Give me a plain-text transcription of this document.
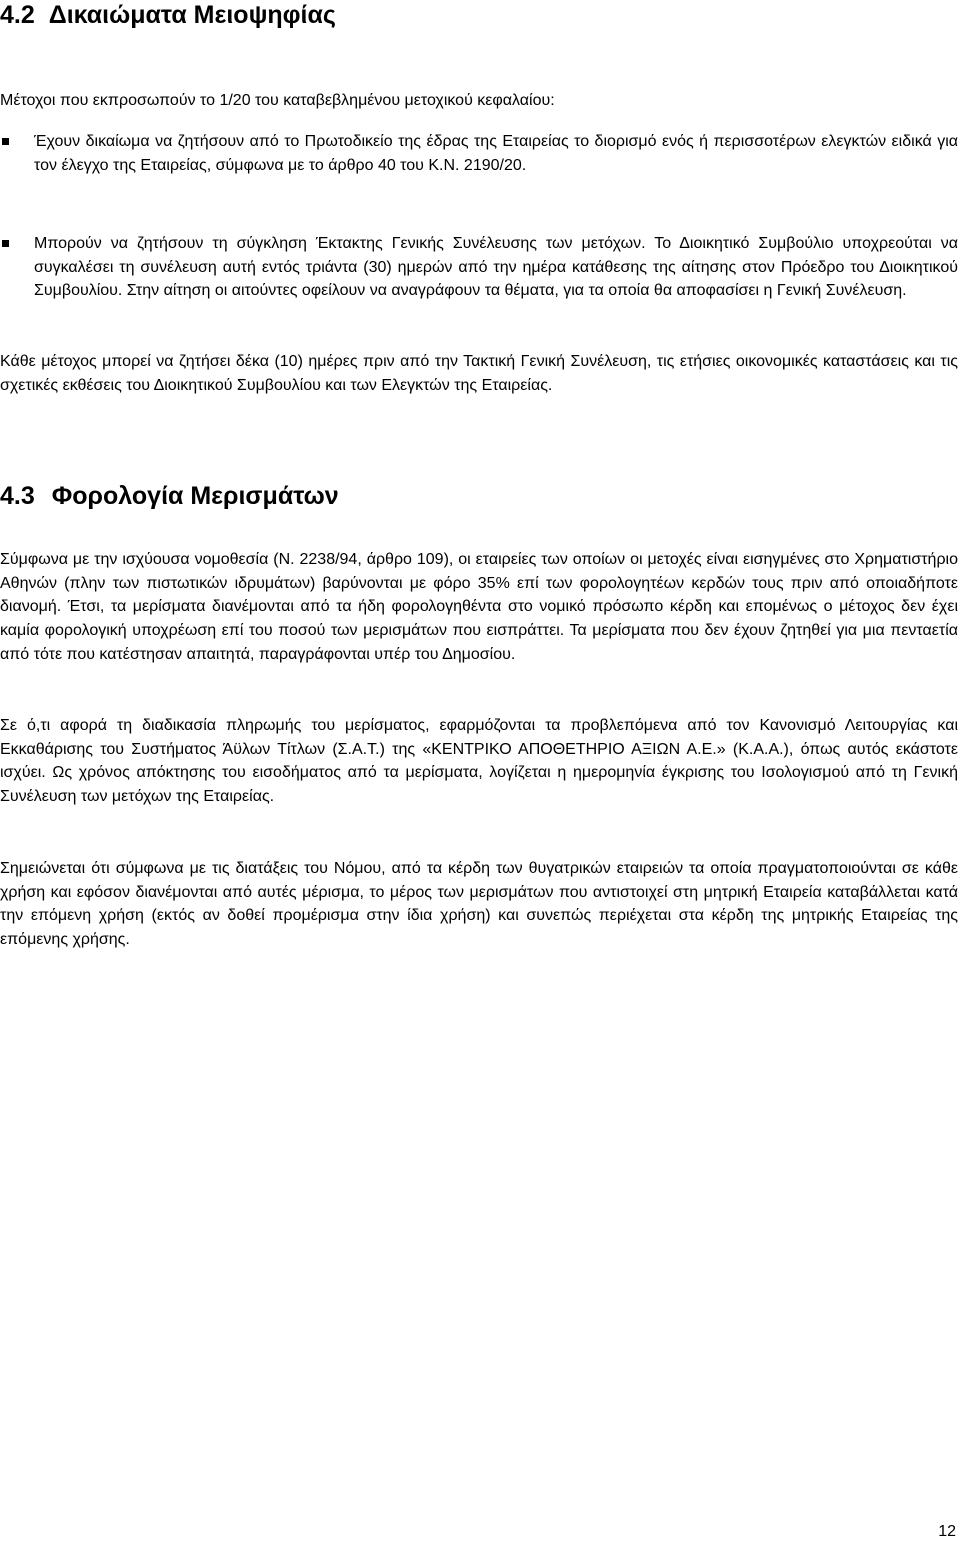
4.2 Δικαιώματα Μειοψηφίας

Μέτοχοι που εκπροσωπούν το 1/20 του καταβεβλημένου μετοχικού κεφαλαίου:

Έχουν δικαίωμα να ζητήσουν από το Πρωτοδικείο της έδρας της Εταιρείας το διορισμό ενός ή περισσοτέρων ελεγκτών ειδικά για τον έλεγχο της Εταιρείας, σύμφωνα με το άρθρο 40 του Κ.Ν. 2190/20.
Μπορούν να ζητήσουν τη σύγκληση Έκτακτης Γενικής Συνέλευσης των μετόχων. Το Διοικητικό Συμβούλιο υποχρεούται να συγκαλέσει τη συνέλευση αυτή εντός τριάντα (30) ημερών από την ημέρα κατάθεσης της αίτησης στον Πρόεδρο του Διοικητικού Συμβουλίου. Στην αίτηση οι αιτούντες οφείλουν να αναγράφουν τα θέματα, για τα οποία θα αποφασίσει η Γενική Συνέλευση.

Κάθε μέτοχος μπορεί να ζητήσει δέκα (10) ημέρες πριν από την Τακτική Γενική Συνέλευση, τις ετήσιες οικονομικές καταστάσεις και τις σχετικές εκθέσεις του Διοικητικού Συμβουλίου και των Ελεγκτών της Εταιρείας.

4.3 Φορολογία Μερισμάτων

Σύμφωνα με την ισχύουσα νομοθεσία (Ν. 2238/94, άρθρο 109), οι εταιρείες των οποίων οι μετοχές είναι εισηγμένες στο Χρηματιστήριο Αθηνών (πλην των πιστωτικών ιδρυμάτων) βαρύνονται με φόρο 35% επί των φορολογητέων κερδών τους πριν από οποιαδήποτε διανομή. Έτσι, τα μερίσματα διανέμονται από τα ήδη φορολογηθέντα στο νομικό πρόσωπο κέρδη και επομένως ο μέτοχος δεν έχει καμία φορολογική υποχρέωση επί του ποσού των μερισμάτων που εισπράττει. Τα μερίσματα που δεν έχουν ζητηθεί για μια πενταετία από τότε που κατέστησαν απαιτητά, παραγράφονται υπέρ του Δημοσίου.

Σε ό,τι αφορά τη διαδικασία πληρωμής του μερίσματος, εφαρμόζονται τα προβλεπόμενα από τον Κανονισμό Λειτουργίας και Εκκαθάρισης του Συστήματος Άϋλων Τίτλων (Σ.Α.Τ.) της «ΚΕΝΤΡΙΚΟ ΑΠΟΘΕΤΗΡΙΟ ΑΞΙΩΝ Α.Ε.» (Κ.Α.Α.), όπως αυτός εκάστοτε ισχύει. Ως χρόνος απόκτησης του εισοδήματος από τα μερίσματα, λογίζεται η ημερομηνία έγκρισης του Ισολογισμού από τη Γενική Συνέλευση των μετόχων της Εταιρείας.

Σημειώνεται ότι σύμφωνα με τις διατάξεις του Νόμου, από τα κέρδη των θυγατρικών εταιρειών τα οποία πραγματοποιούνται σε κάθε χρήση και εφόσον διανέμονται από αυτές μέρισμα, το μέρος των μερισμάτων που αντιστοιχεί στη μητρική Εταιρεία καταβάλλεται κατά την επόμενη χρήση (εκτός αν δοθεί προμέρισμα στην ίδια χρήση) και συνεπώς περιέχεται στα κέρδη της μητρικής Εταιρείας της επόμενης χρήσης.

12
